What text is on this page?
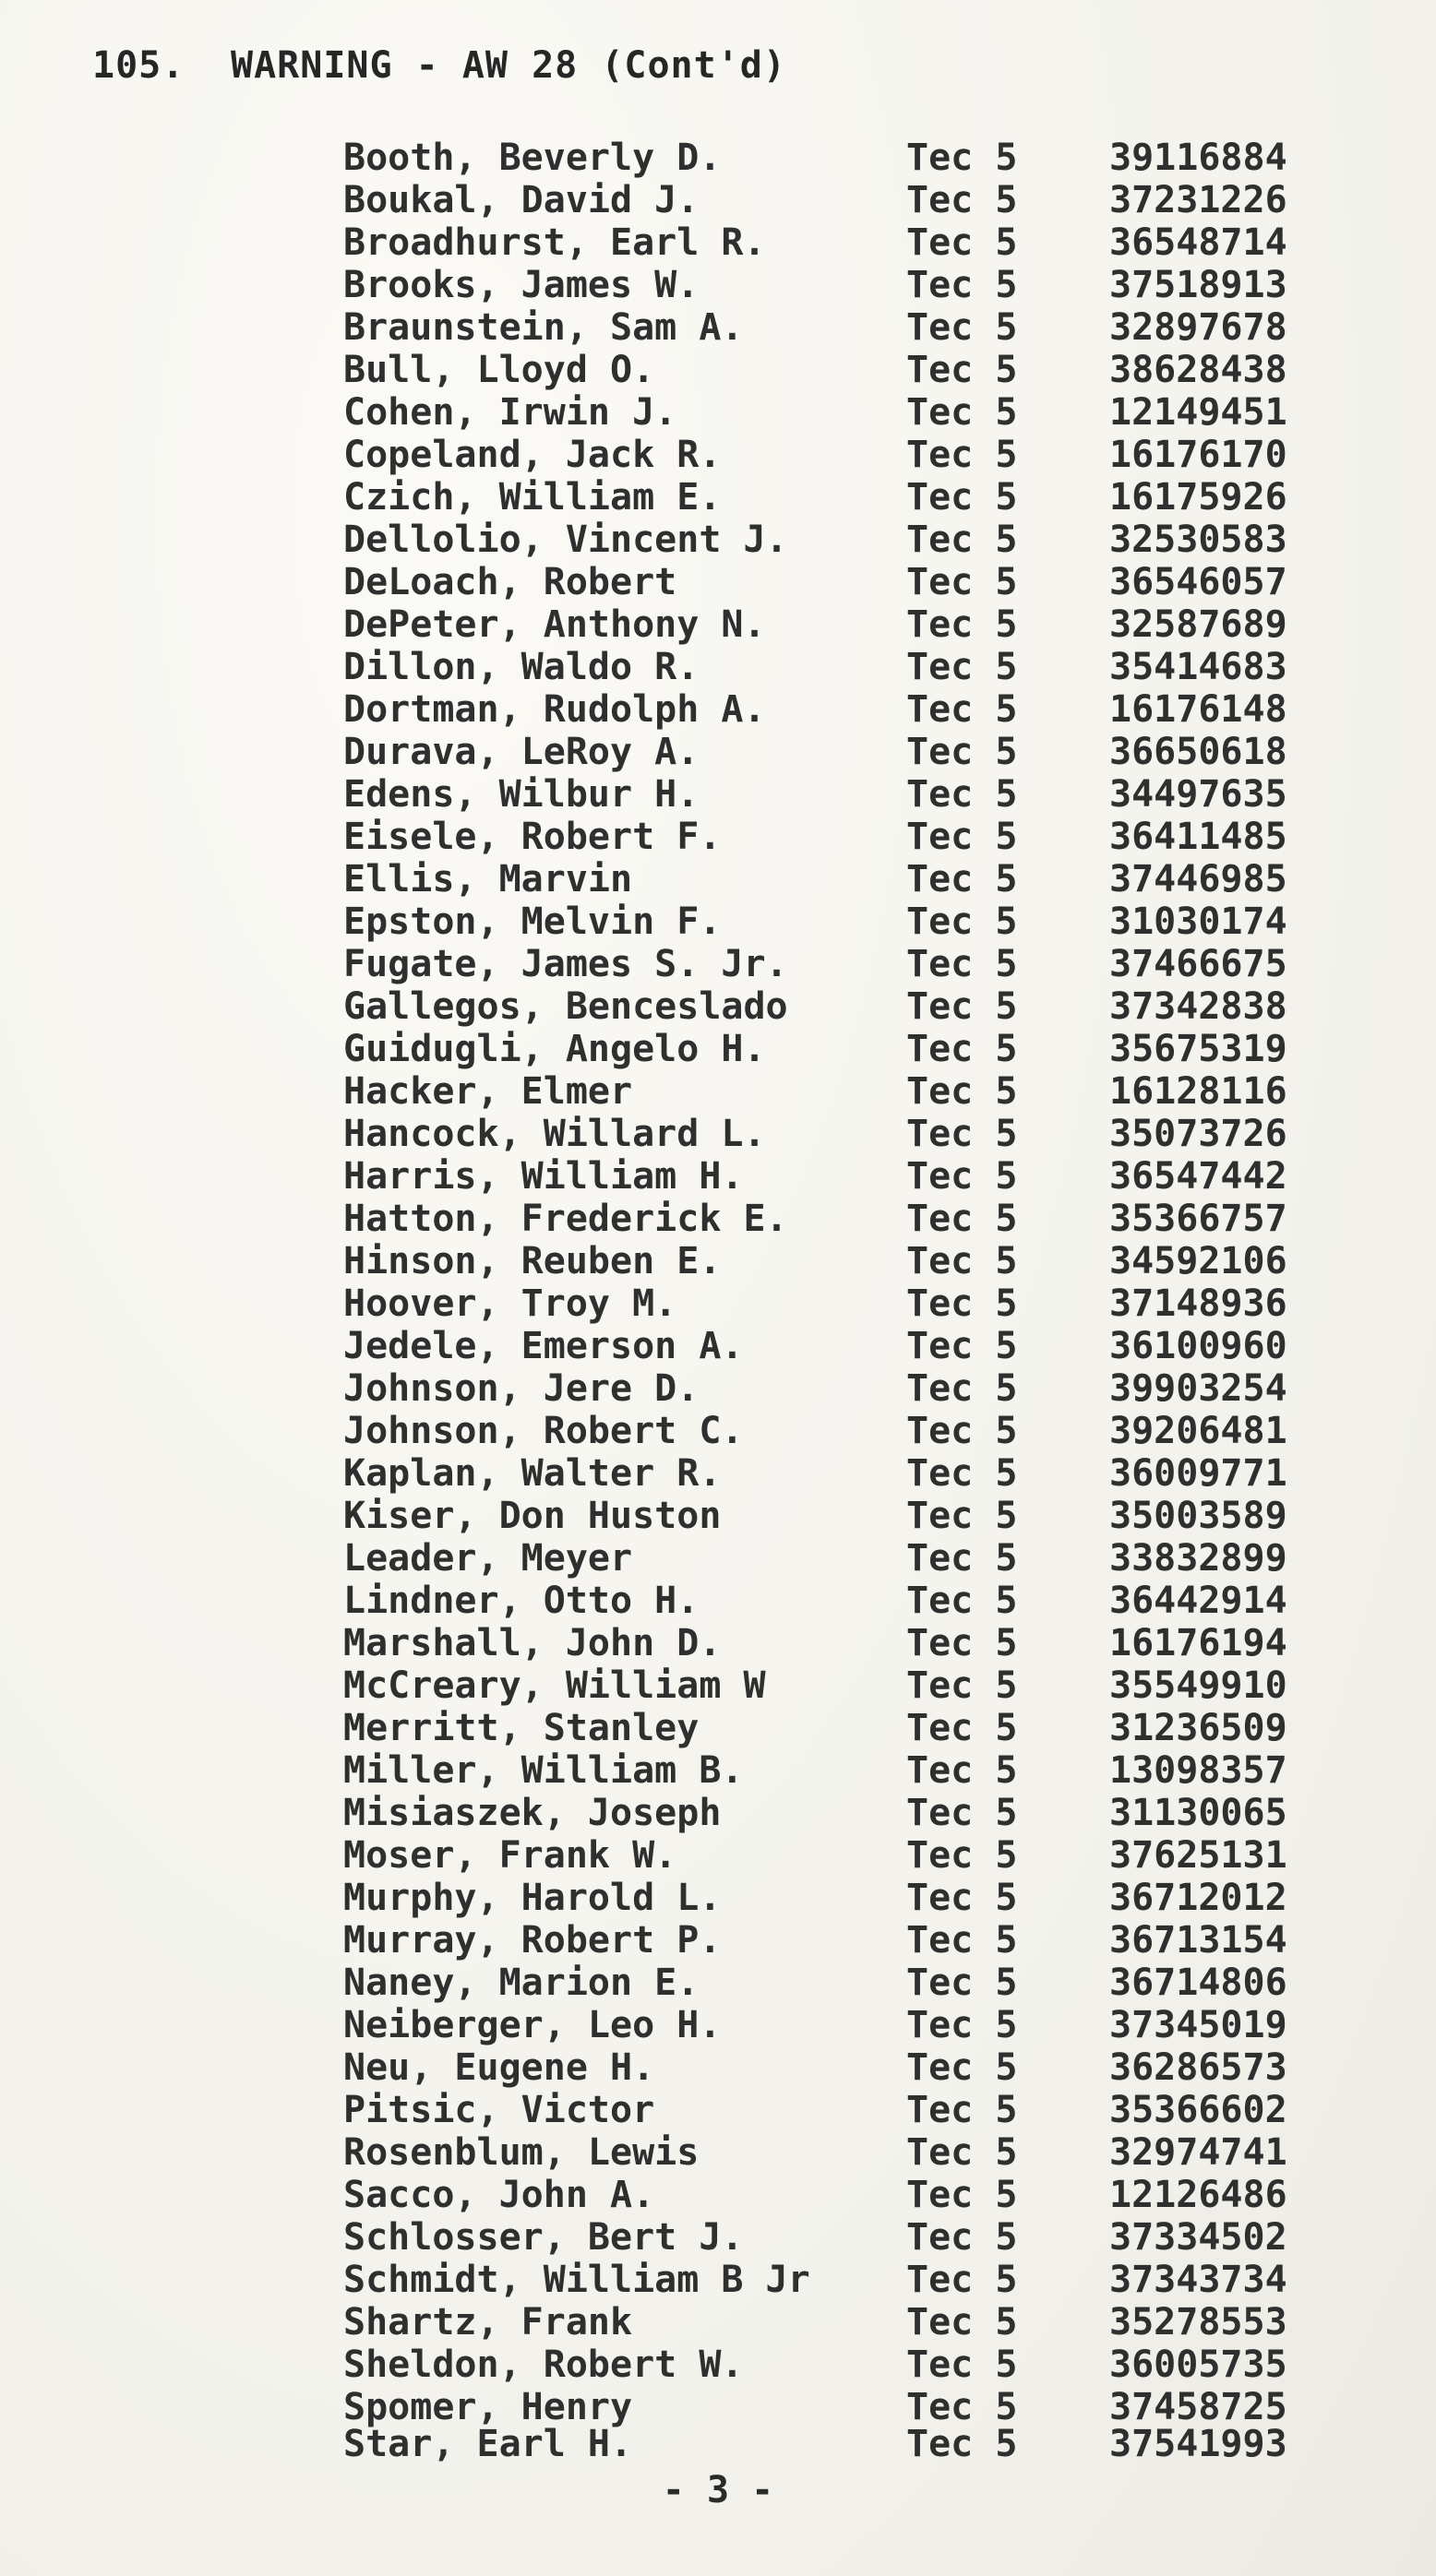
105. WARNING - AW 28 (Cont'd)
Booth, Beverly D.	Tec 5 39116884
Boukal, David J.	Tec 5 37231226
Broadhurst, Earl R.	Tec 5 36548714
Brooks, James W.	Tec 5 37518913
Braunstein, Sam A.	Tec 5 32897678
Bull, Lloyd O.	Tec 5 38628438
Cohen, Irwin J.	Tec 5 12149451
Copeland, Jack R.	Tec 5 16176170
Czich, William E.	Tec 5 16175926
Dellolio, Vincent J.	Tec 5 32530583
DeLoach, Robert	Tec 5 36546057
DePeter, Anthony N.	Tec 5 32587689
Dillon, Waldo R.	Tec 5 35414683
Dortman, Rudolph A.	Tec 5 16176148
Durava, LeRoy A.	Tec 5 36650618
Edens, Wilbur H.	Tec 5 34497635
Eisele, Robert F.	Tec 5 36411485
Ellis, Marvin	Tec 5 37446985
Epston, Melvin F.	Tec 5 31030174
Fugate, James S. Jr.	Tec 5 37466675
Gallegos, Benceslado	Tec 5 37342838
Guidugli, Angelo H.	Tec 5 35675319
Hacker, Elmer	Tec 5 16128116
Hancock, Willard L.	Tec 5 35073726
Harris, William H.	Tec 5 36547442
Hatton, Frederick E.	Tec 5 35366757
Hinson, Reuben E.	Tec 5 34592106
Hoover, Troy M.	Tec 5 37148936
Jedele, Emerson A.	Tec 5 36100960
Johnson, Jere D.	Tec 5 39903254
Johnson, Robert C.	Tec 5 39206481
Kaplan, Walter R.	Tec 5 36009771
Kiser, Don Huston	Tec 5 35003589
Leader, Meyer	Tec 5 33832899
Lindner, Otto H.	Tec 5 36442914
Marshall, John D.	Tec 5 16176194
McCreary, William W	Tec 5 35549910
Merritt, Stanley	Tec 5 31236509
Miller, William B.	Tec 5 13098357
Misiaszek, Joseph	Tec 5 31130065
Moser, Frank W.	Tec 5 37625131
Murphy, Harold L.	Tec 5 36712012
Murray, Robert P.	Tec 5 36713154
Naney, Marion E.	Tec 5 36714806
Neiberger, Leo H.	Tec 5 37345019
Neu, Eugene H.	Tec 5 36286573
Pitsic, Victor	Tec 5 35366602
Rosenblum, Lewis	Tec 5 32974741
Sacco, John A.	Tec 5 12126486
Schlosser, Bert J.	Tec 5 37334502
Schmidt, William B Jr	Tec 5 37343734
Shartz, Frank	Tec 5 35278553
Sheldon, Robert W.	Tec 5 36005735
Spomer, Henry	Tec 5 37458725
Star, Earl H.	Tec 5 37541993
- 3 -
